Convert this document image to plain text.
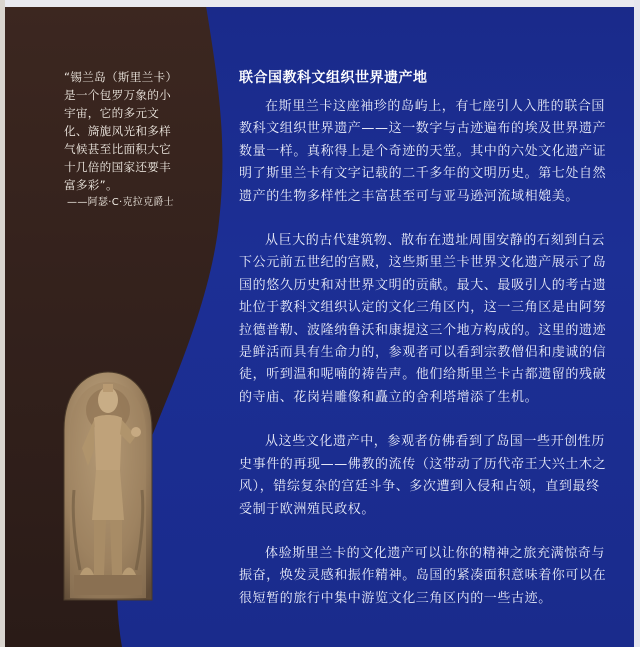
“锡兰岛（斯里兰卡）是一个包罗万象的小宇宙，它的多元文化、旖旎风光和多样气候甚至比面积大它十几倍的国家还要丰富多彩”。

——阿瑟·C·克拉克爵士

联合国教科文组织世界遗产地

在斯里兰卡这座袖珍的岛屿上，有七座引人入胜的联合国教科文组织世界遗产——这一数字与古迹遍布的埃及世界遗产数量一样。真称得上是个奇迹的天堂。其中的六处文化遗产证明了斯里兰卡有文字记载的二千多年的文明历史。第七处自然遗产的生物多样性之丰富甚至可与亚马逊河流域相媲美。

从巨大的古代建筑物、散布在遗址周围安静的石刻到白云下公元前五世纪的宫殿，这些斯里兰卡世界文化遗产展示了岛国的悠久历史和对世界文明的贡献。最大、最吸引人的考古遗址位于教科文组织认定的文化三角区内，这一三角区是由阿努拉德普勒、波隆纳鲁沃和康提这三个地方构成的。这里的遗迹是鲜活而具有生命力的，参观者可以看到宗教僧侣和虔诚的信徒，听到温和呢喃的祷告声。他们给斯里兰卡古都遗留的残破的寺庙、花岗岩雕像和矗立的舍利塔增添了生机。

从这些文化遗产中，参观者仿佛看到了岛国一些开创性历史事件的再现——佛教的流传（这带动了历代帝王大兴土木之风），错综复杂的宫廷斗争、多次遭到入侵和占领，直到最终受制于欧洲殖民政权。

体验斯里兰卡的文化遗产可以让你的精神之旅充满惊奇与振奋，焕发灵感和振作精神。岛国的紧凑面积意味着你可以在很短暂的旅行中集中游览文化三角区内的一些古迹。
